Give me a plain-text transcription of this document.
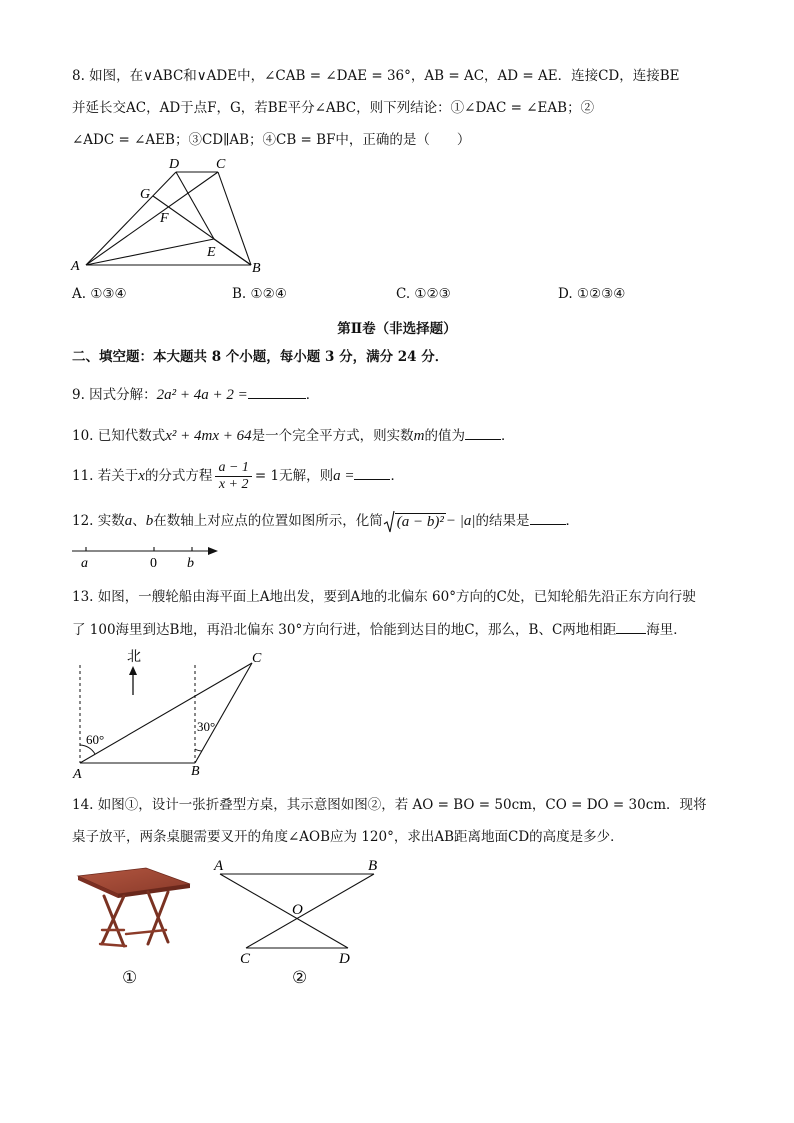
8. 如图，在∨ABC和∨ADE中，∠CAB = ∠DAE = 36°，AB = AC，AD = AE．连接CD，连接BE
并延长交AC，AD于点F，G，若BE平分∠ABC，则下列结论：①∠DAC = ∠EAB；②
∠ADC = ∠AEB；③CD∥AB；④CB = BF中，正确的是（　　）
D	C
G
F
E
A	B
A. ①③④	B. ①②④	C. ①②③	D. ①②③④
第Ⅱ卷（非选择题）
二、填空题：本大题共 8 个小题，每小题 3 分，满分 24 分．
9. 因式分解：2a² + 4a + 2 =	．
10. 已知代数式x² + 4mx + 64是一个完全平方式，则实数m的值为	．
11. 若关于x的分式方程 $\frac{a - 1}{x + 2} = 1$无解，则a =	．
12. 实数a、b在数轴上对应点的位置如图所示，化简 (a − b)² − |a|的结果是	．
a	0 b
13. 如图，一艘轮船由海平面上A地出发，要到A地的北偏东 60°方向的C处，已知轮船先沿正东方向行驶
了 100海里到达B地，再沿北偏东 30°方向行进，恰能到达目的地C，那么，B、C两地相距 海里．
北	C
60°
30°
A	B
14. 如图①，设计一张折叠型方桌，其示意图如图②，若 AO = BO = 50cm，CO = DO = 30cm．现将
桌子放平，两条桌腿需要叉开的角度∠AOB应为 120°，求出AB距离地面CD的高度是多少．
A	B
O
C	D
①	②
